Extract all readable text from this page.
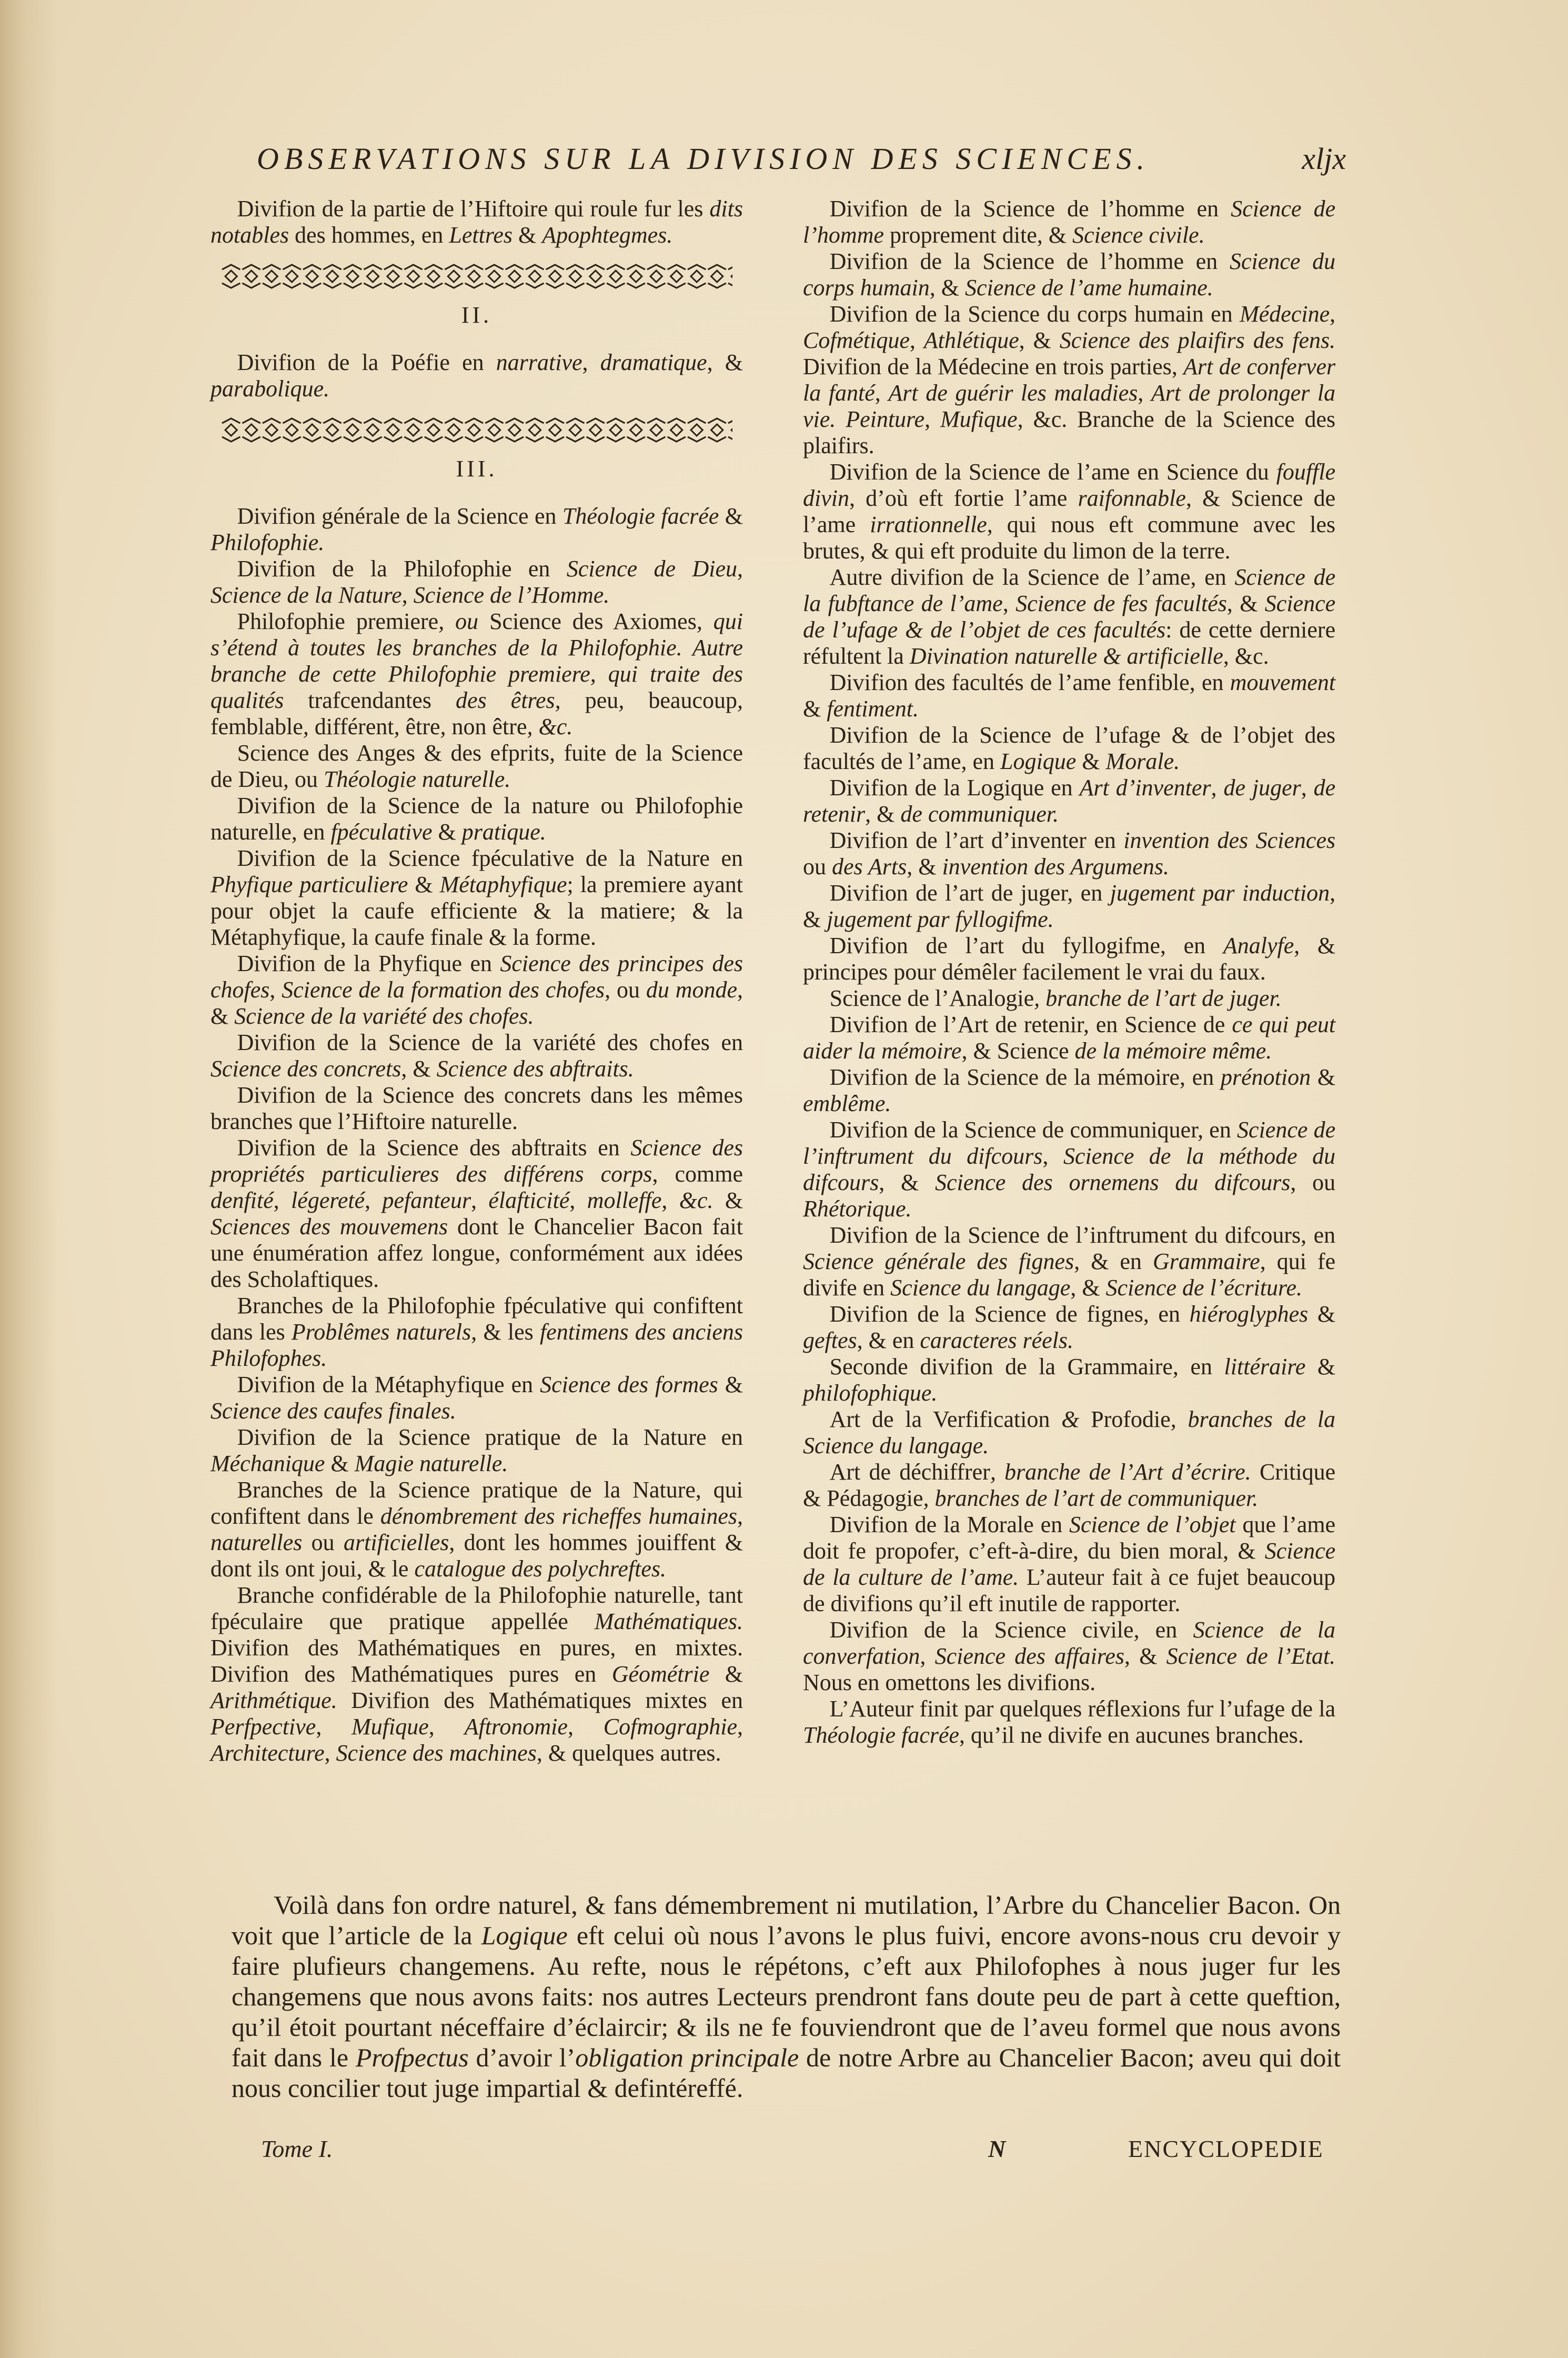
OBSERVATIONS SUR LA DIVISION DES SCIENCES.	xljx

Divifion de la partie de l’Hiftoire qui roule fur les dits notables des hommes, en Lettres & Apophtegmes.

II.

Divifion de la Poéfie en narrative, dramatique, & parabolique.

III.

Divifion générale de la Science en Théologie facrée & Philofophie.

Divifion de la Philofophie en Science de Dieu, Science de la Nature, Science de l’Homme.

Philofophie premiere, ou Science des Axiomes, qui s’étend à toutes les branches de la Philofophie. Autre branche de cette Philofophie premiere, qui traite des qualités trafcendantes des êtres, peu, beaucoup, femblable, différent, être, non être, &c.

Science des Anges & des efprits, fuite de la Science de Dieu, ou Théologie naturelle.

Divifion de la Science de la nature ou Philofophie naturelle, en fpéculative & pratique.

Divifion de la Science fpéculative de la Nature en Phyfique particuliere & Métaphyfique; la premiere ayant pour objet la caufe efficiente & la matiere; & la Métaphyfique, la caufe finale & la forme.

Divifion de la Phyfique en Science des principes des chofes, Science de la formation des chofes, ou du monde, & Science de la variété des chofes.

Divifion de la Science de la variété des chofes en Science des concrets, & Science des abftraits.

Divifion de la Science des concrets dans les mêmes branches que l’Hiftoire naturelle.

Divifion de la Science des abftraits en Science des propriétés particulieres des différens corps, comme denfité, légereté, pefanteur, élafticité, molleffe, &c. & Sciences des mouvemens dont le Chancelier Bacon fait une énumération affez longue, conformément aux idées des Scholaftiques.

Branches de la Philofophie fpéculative qui confiftent dans les Problêmes naturels, & les fentimens des anciens Philofophes.

Divifion de la Métaphyfique en Science des formes & Science des caufes finales.

Divifion de la Science pratique de la Nature en Méchanique & Magie naturelle.

Branches de la Science pratique de la Nature, qui confiftent dans le dénombrement des richeffes humaines, naturelles ou artificielles, dont les hommes jouiffent & dont ils ont joui, & le catalogue des polychreftes.

Branche confidérable de la Philofophie naturelle, tant fpéculaire que pratique appellée Mathématiques. Divifion des Mathématiques en pures, en mixtes. Divifion des Mathématiques pures en Géométrie & Arithmétique. Divifion des Mathématiques mixtes en Perfpective, Mufique, Aftronomie, Cofmographie, Architecture, Science des machines, & quelques autres.

Divifion de la Science de l’homme en Science de l’homme proprement dite, & Science civile.

Divifion de la Science de l’homme en Science du corps humain, & Science de l’ame humaine.

Divifion de la Science du corps humain en Médecine, Cofmétique, Athlétique, & Science des plaifirs des fens. Divifion de la Médecine en trois parties, Art de conferver la fanté, Art de guérir les maladies, Art de prolonger la vie. Peinture, Mufique, &c. Branche de la Science des plaifirs.

Divifion de la Science de l’ame en Science du fouffle divin, d’où eft fortie l’ame raifonnable, & Science de l’ame irrationnelle, qui nous eft commune avec les brutes, & qui eft produite du limon de la terre.

Autre divifion de la Science de l’ame, en Science de la fubftance de l’ame, Science de fes facultés, & Science de l’ufage & de l’objet de ces facultés: de cette derniere réfultent la Divination naturelle & artificielle, &c.

Divifion des facultés de l’ame fenfible, en mouvement & fentiment.

Divifion de la Science de l’ufage & de l’objet des facultés de l’ame, en Logique & Morale.

Divifion de la Logique en Art d’inventer, de juger, de retenir, & de communiquer.

Divifion de l’art d’inventer en invention des Sciences ou des Arts, & invention des Argumens.

Divifion de l’art de juger, en jugement par induction, & jugement par fyllogifme.

Divifion de l’art du fyllogifme, en Analyfe, & principes pour démêler facilement le vrai du faux.

Science de l’Analogie, branche de l’art de juger.

Divifion de l’Art de retenir, en Science de ce qui peut aider la mémoire, & Science de la mémoire même.

Divifion de la Science de la mémoire, en prénotion & emblême.

Divifion de la Science de communiquer, en Science de l’inftrument du difcours, Science de la méthode du difcours, & Science des ornemens du difcours, ou Rhétorique.

Divifion de la Science de l’inftrument du difcours, en Science générale des fignes, & en Grammaire, qui fe divife en Science du langage, & Science de l’écriture.

Divifion de la Science de fignes, en hiéroglyphes & geftes, & en caracteres réels.

Seconde divifion de la Grammaire, en littéraire & philofophique.

Art de la Verfification & Profodie, branches de la Science du langage.

Art de déchiffrer, branche de l’Art d’écrire. Critique & Pédagogie, branches de l’art de communiquer.

Divifion de la Morale en Science de l’objet que l’ame doit fe propofer, c’eft-à-dire, du bien moral, & Science de la culture de l’ame. L’auteur fait à ce fujet beaucoup de divifions qu’il eft inutile de rapporter.

Divifion de la Science civile, en Science de la converfation, Science des affaires, & Science de l’Etat. Nous en omettons les divifions.

L’Auteur finit par quelques réflexions fur l’ufage de la Théologie facrée, qu’il ne divife en aucunes branches.

Voilà dans fon ordre naturel, & fans démembrement ni mutilation, l’Arbre du Chancelier Bacon. On voit que l’article de la Logique eft celui où nous l’avons le plus fuivi, encore avons-nous cru devoir y faire plufieurs changemens. Au refte, nous le répétons, c’eft aux Philofophes à nous juger fur les changemens que nous avons faits: nos autres Lecteurs prendront fans doute peu de part à cette queftion, qu’il étoit pourtant néceffaire d’éclaircir; & ils ne fe fouviendront que de l’aveu formel que nous avons fait dans le Profpectus d’avoir l’obligation principale de notre Arbre au Chancelier Bacon; aveu qui doit nous concilier tout juge impartial & defintéreffé.

Tome I.	N	ENCYCLOPEDIE
